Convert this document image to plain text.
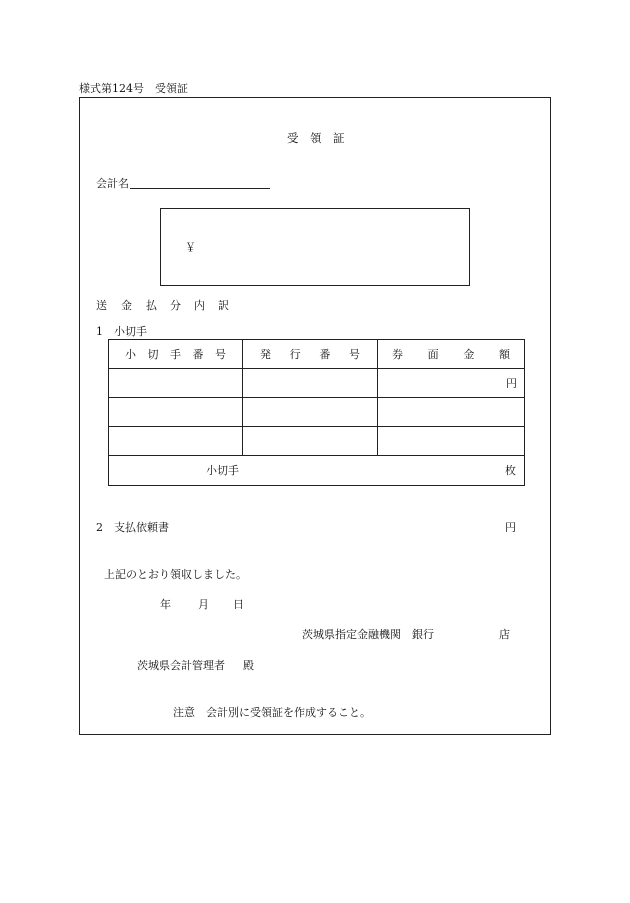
様式第124号　受領証
受 領 証
会計名
￥
送 金 払 分 内 訳
1 小切手
小 切 手 番 号	発 行 番 号	券 面 金 額

		円

小切手 枚		
2 支払依頼書	円
上記のとおり領収しました。
年 月 日
茨城県指定金融機関 銀行	店
茨城県会計管理者 殿
注意　会計別に受領証を作成すること。
